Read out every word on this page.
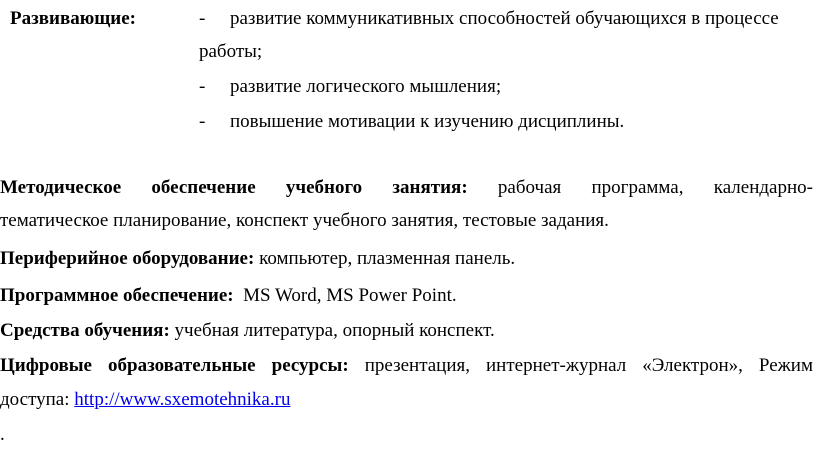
Развивающие:	- развитие коммуникативных способностей обучающихся в процессе
работы;
- развитие логического мышления;
- повышение мотивации к изучению дисциплины.
Методическое обеспечение учебного занятия: рабочая программа, календарно-
тематическое планирование, конспект учебного занятия, тестовые задания.
Периферийное оборудование: компьютер, плазменная панель.
Программное обеспечение:  MS Word, MS Power Point.
Средства обучения: учебная литература, опорный конспект.
Цифровые образовательные ресурсы: презентация, интернет-журнал «Электрон», Режим
доступа: http://www.sxemotehnika.ru
.
